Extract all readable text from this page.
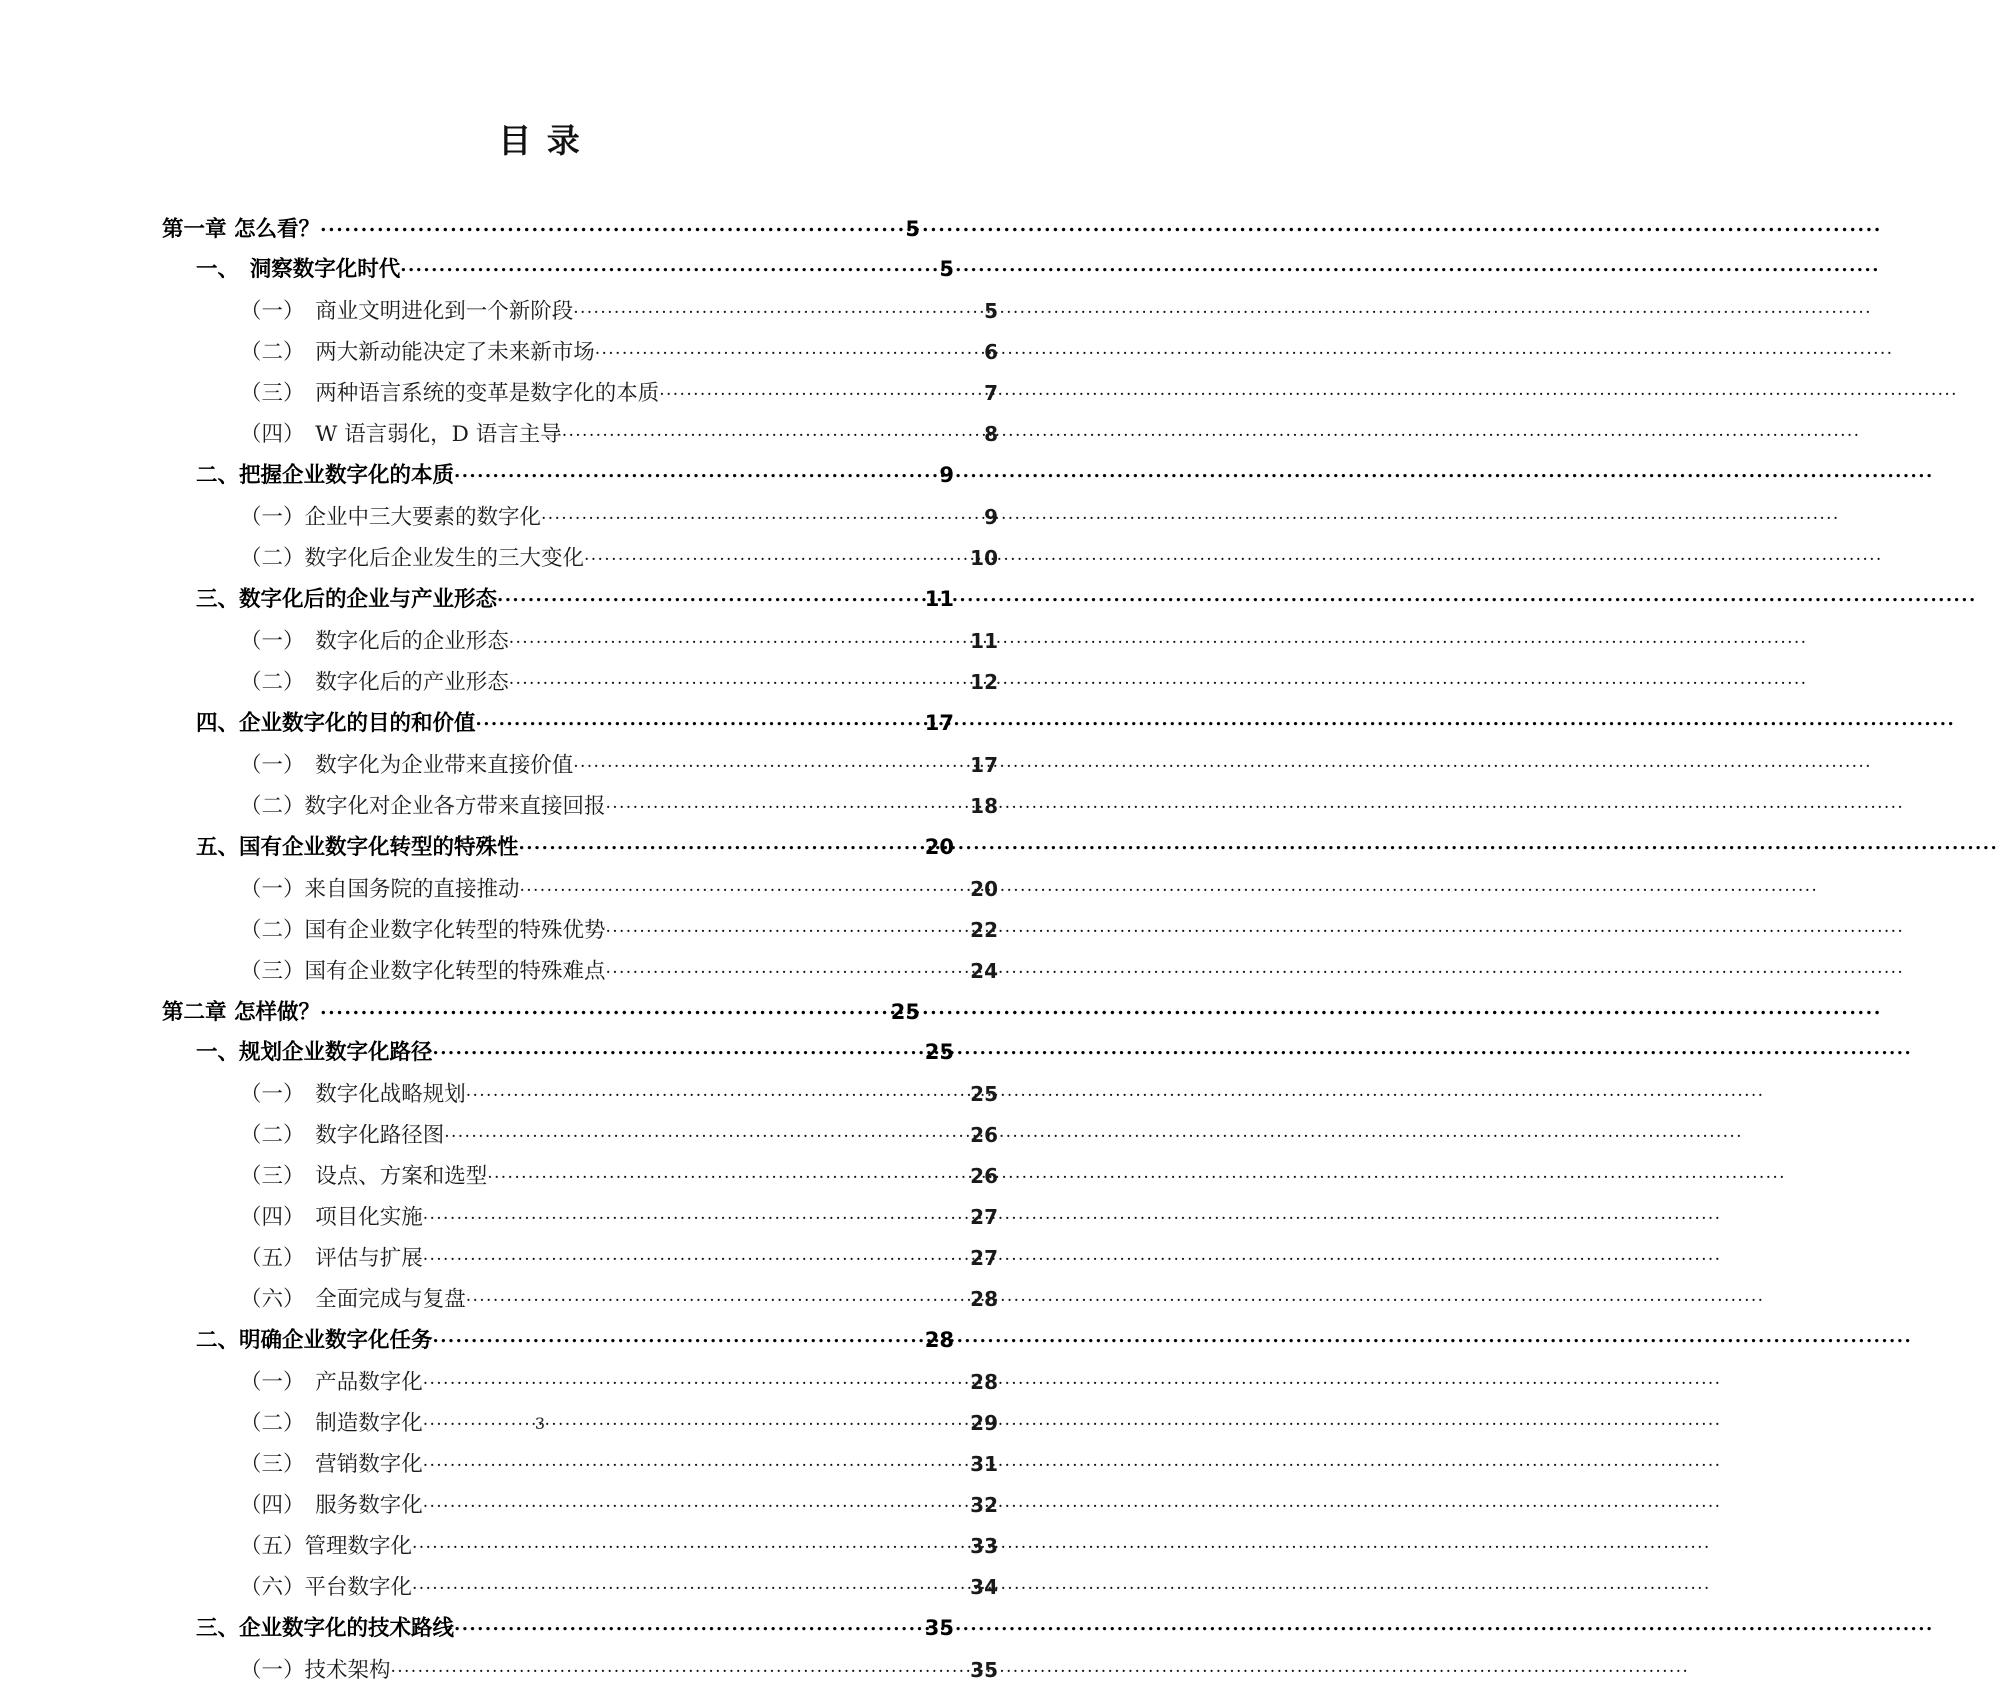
目 录
第一章 怎么看？ .....	5
一、　洞察数字化时代 .....	5
（一）　商业文明进化到一个新阶段 .....	5
（二）　两大新动能决定了未来新市场 .....	6
（三）　两种语言系统的变革是数字化的本质 .....	7
（四）　W 语言弱化，D 语言主导 .....	8
二、把握企业数字化的本质 .....	9
（一）企业中三大要素的数字化 .....	9
（二）数字化后企业发生的三大变化 .....	10
三、数字化后的企业与产业形态 .....	11
（一）　数字化后的企业形态 .....	11
（二）　数字化后的产业形态 .....	12
四、企业数字化的目的和价值 .....	17
（一）　数字化为企业带来直接价值 .....	17
（二）数字化对企业各方带来直接回报 .....	18
五、国有企业数字化转型的特殊性 .....	20
（一）来自国务院的直接推动 .....	20
（二）国有企业数字化转型的特殊优势 .....	22
（三）国有企业数字化转型的特殊难点 .....	24
第二章 怎样做？ .....	25
一、规划企业数字化路径 .....	25
（一）　数字化战略规划 .....	25
（二）　数字化路径图 .....	26
（三）　设点、方案和选型 .....	26
（四）　项目化实施 .....	27
（五）　评估与扩展 .....	27
（六）　全面完成与复盘 .....	28
二、明确企业数字化任务 .....	28
（一）　产品数字化 .....	28
（二）　制造数字化 .....	29
（三）　营销数字化 .....	31
（四）　服务数字化 .....	32
（五）管理数字化 .....	33
（六）平台数字化 .....	34
三、企业数字化的技术路线 .....	35
（一）技术架构 .....	35
3
